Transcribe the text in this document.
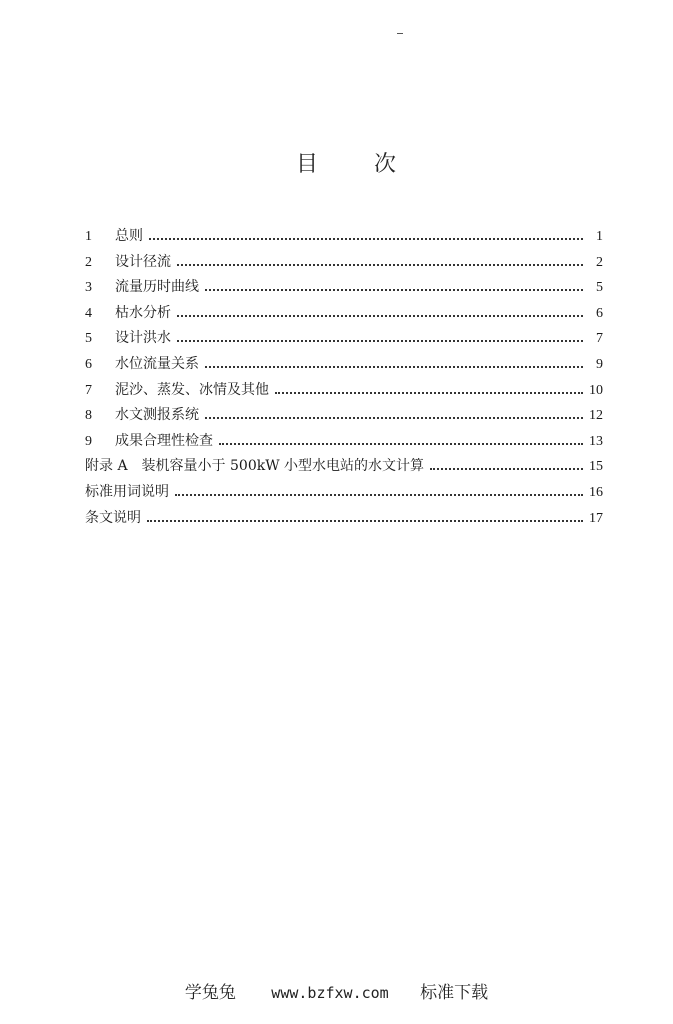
目	次
1	总则	1
2	设计径流	2
3	流量历时曲线	5
4	枯水分析	6
5	设计洪水	7
6	水位流量关系	9
7	泥沙、蒸发、冰情及其他	10
8	水文测报系统	12
9	成果合理性检查	13
附录 A　装机容量小于 500kW 小型水电站的水文计算	15
标准用词说明	16
条文说明	17
学兔兔 www.bzfxw.com 标准下载
